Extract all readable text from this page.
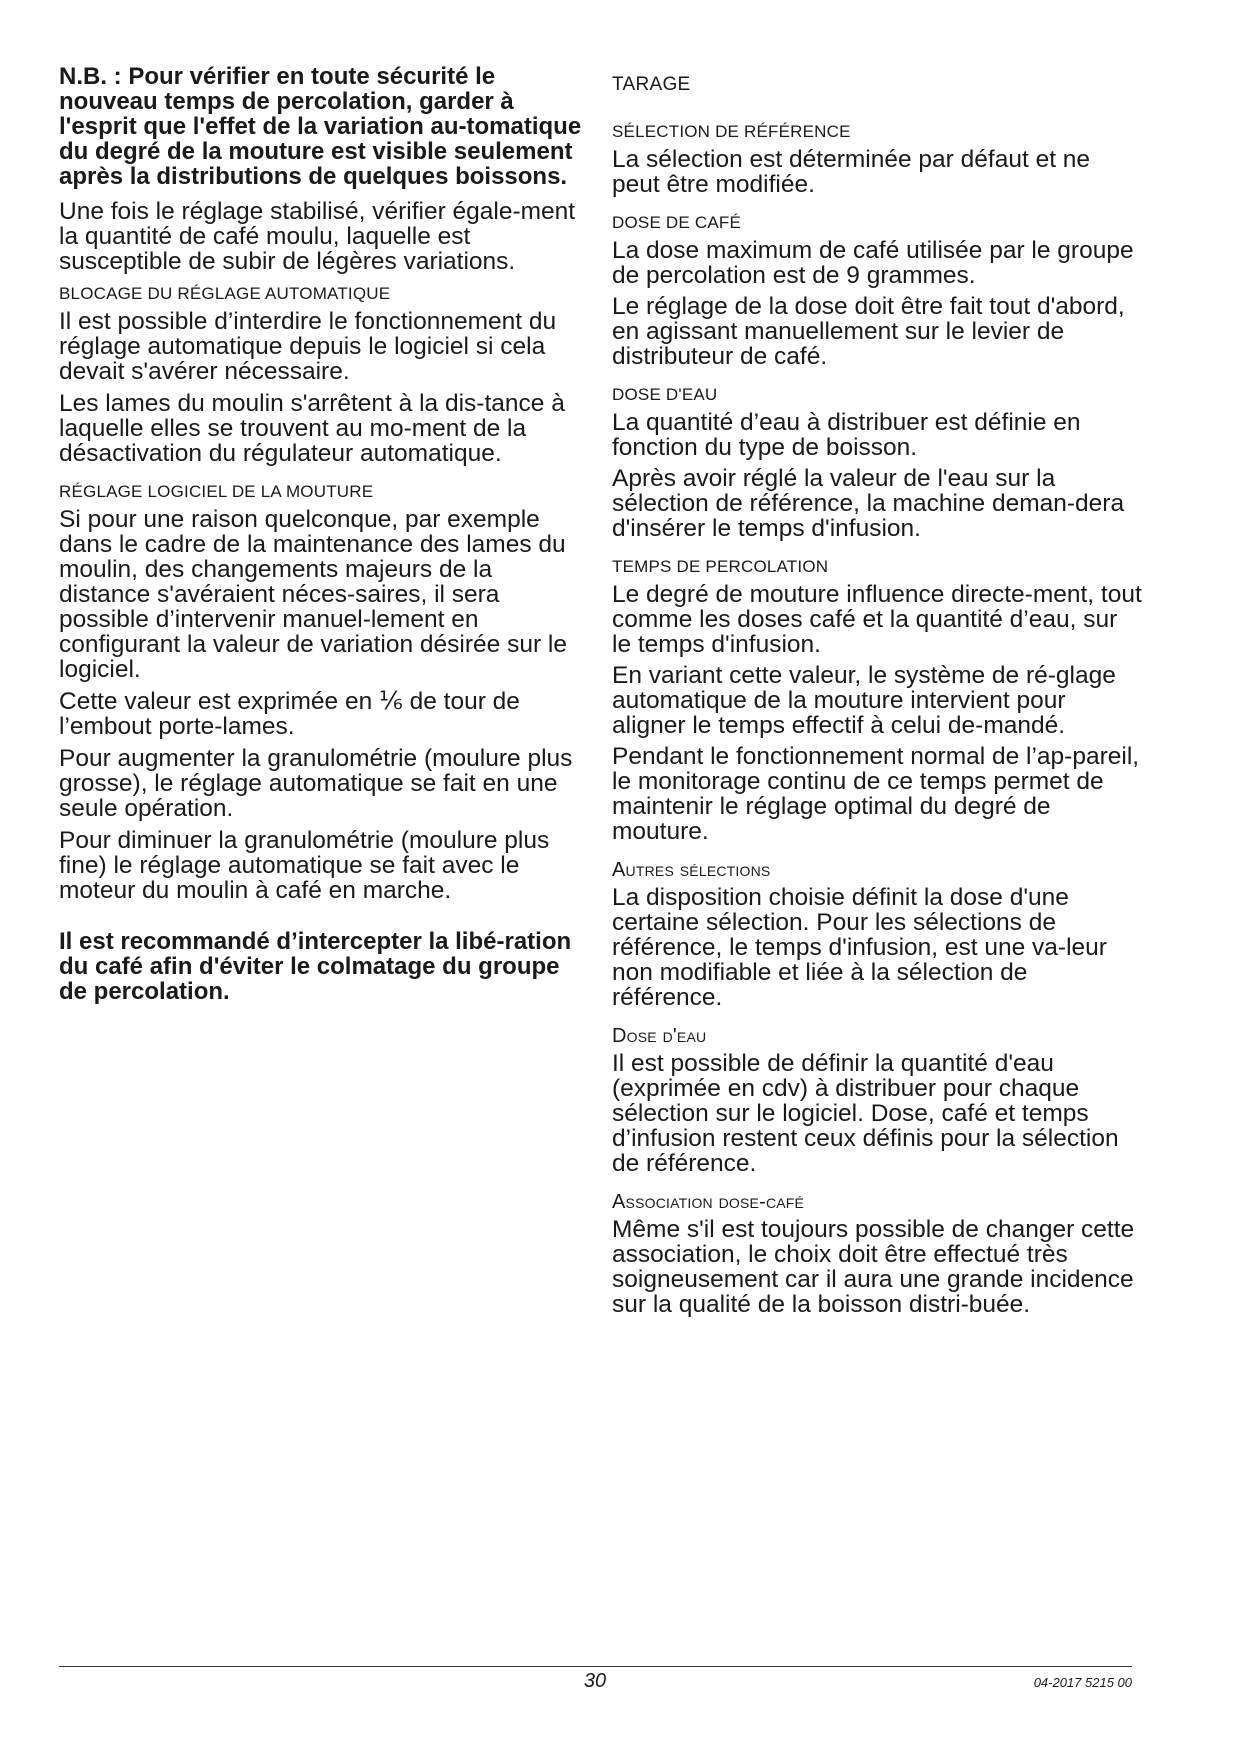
N.B. : Pour vérifier en toute sécurité le nouveau temps de percolation, garder à l'esprit que l'effet de la variation au-tomatique du degré de la mouture est visible seulement après la distributions de quelques boissons.

Une fois le réglage stabilisé, vérifier égale-ment la quantité de café moulu, laquelle est susceptible de subir de légères variations.

BLOCAGE DU RÉGLAGE AUTOMATIQUE

Il est possible d’interdire le fonctionnement du réglage automatique depuis le logiciel si cela devait s'avérer nécessaire.

Les lames du moulin s'arrêtent à la dis-tance à laquelle elles se trouvent au mo-ment de la désactivation du régulateur automatique.

RÉGLAGE LOGICIEL DE LA MOUTURE

Si pour une raison quelconque, par exemple dans le cadre de la maintenance des lames du moulin, des changements majeurs de la distance s'avéraient néces-saires, il sera possible d’intervenir manuel-lement en configurant la valeur de variation désirée sur le logiciel.

Cette valeur est exprimée en ⅙ de tour de l’embout porte-lames.

Pour augmenter la granulométrie (moulure plus grosse), le réglage automatique se fait en une seule opération.

Pour diminuer la granulométrie (moulure plus fine) le réglage automatique se fait avec le moteur du moulin à café en marche.

Il est recommandé d’intercepter la libé-ration du café afin d'éviter le colmatage du groupe de percolation.

TARAGE
SÉLECTION DE RÉFÉRENCE

La sélection est déterminée par défaut et ne peut être modifiée.

DOSE DE CAFÉ

La dose maximum de café utilisée par le groupe de percolation est de 9 grammes.

Le réglage de la dose doit être fait tout d'abord, en agissant manuellement sur le levier de distributeur de café.

DOSE D'EAU

La quantité d’eau à distribuer est définie en fonction du type de boisson.

Après avoir réglé la valeur de l'eau sur la sélection de référence, la machine deman-dera d'insérer le temps d'infusion.

TEMPS DE PERCOLATION

Le degré de mouture influence directe-ment, tout comme les doses café et la quantité d’eau, sur le temps d'infusion.

En variant cette valeur, le système de ré-glage automatique de la mouture intervient pour aligner le temps effectif à celui de-mandé.

Pendant le fonctionnement normal de l’ap-pareil, le monitorage continu de ce temps permet de maintenir le réglage optimal du degré de mouture.

Autres sélections

La disposition choisie définit la dose d'une certaine sélection. Pour les sélections de référence, le temps d'infusion, est une va-leur non modifiable et liée à la sélection de référence.

Dose d'eau

Il est possible de définir la quantité d'eau (exprimée en cdv) à distribuer pour chaque sélection sur le logiciel. Dose, café et temps d’infusion restent ceux définis pour la sélection de référence.

Association dose-café

Même s'il est toujours possible de changer cette association, le choix doit être effectué très soigneusement car il aura une grande incidence sur la qualité de la boisson distri-buée.

30	04-2017 5215 00
